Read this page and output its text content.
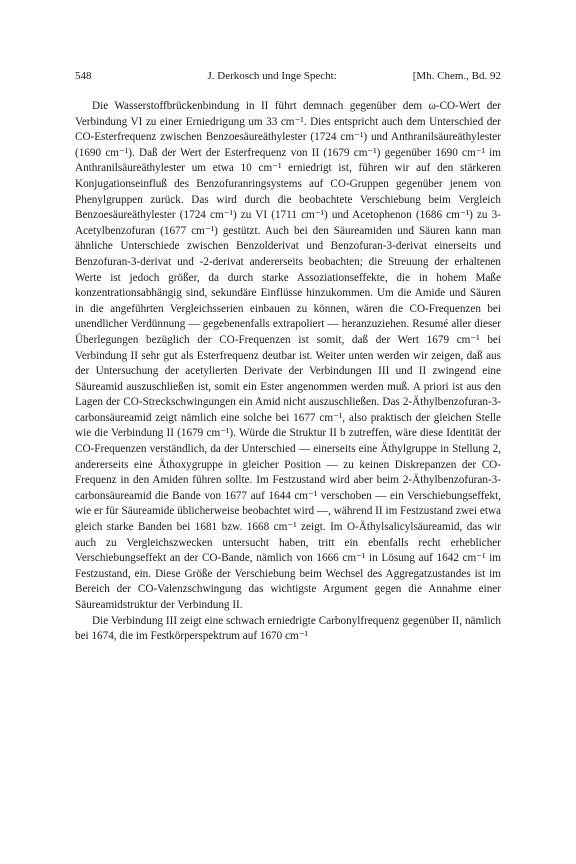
548	J. Derkosch und Inge Specht:	[Mh. Chem., Bd. 92

Die Wasserstoffbrückenbindung in II führt demnach gegenüber dem ω-CO-Wert der Verbindung VI zu einer Erniedrigung um 33 cm⁻¹. Dies entspricht auch dem Unterschied der CO-Esterfrequenz zwischen Benzoesäureäthylester (1724 cm⁻¹) und Anthranilsäureäthylester (1690 cm⁻¹). Daß der Wert der Esterfrequenz von II (1679 cm⁻¹) gegenüber 1690 cm⁻¹ im Anthranilsäureäthylester um etwa 10 cm⁻¹ erniedrigt ist, führen wir auf den stärkeren Konjugationseinfluß des Benzofuranringsystems auf CO-Gruppen gegenüber jenem von Phenylgruppen zurück. Das wird durch die beobachtete Verschiebung beim Vergleich Benzoesäureäthylester (1724 cm⁻¹) zu VI (1711 cm⁻¹) und Acetophenon (1686 cm⁻¹) zu 3-Acetylbenzofuran (1677 cm⁻¹) gestützt. Auch bei den Säureamiden und Säuren kann man ähnliche Unterschiede zwischen Benzolderivat und Benzofuran-3-derivat einerseits und Benzofuran-3-derivat und -2-derivat andererseits beobachten; die Streuung der erhaltenen Werte ist jedoch größer, da durch starke Assoziationseffekte, die in hohem Maße konzentrationsabhängig sind, sekundäre Einflüsse hinzukommen. Um die Amide und Säuren in die angeführten Vergleichsserien einbauen zu können, wären die CO-Frequenzen bei unendlicher Verdünnung — gegebenenfalls extrapoliert — heranzuziehen. Resumé aller dieser Überlegungen bezüglich der CO-Frequenzen ist somit, daß der Wert 1679 cm⁻¹ bei Verbindung II sehr gut als Esterfrequenz deutbar ist. Weiter unten werden wir zeigen, daß aus der Untersuchung der acetylierten Derivate der Verbindungen III und II zwingend eine Säureamid auszuschließen ist, somit ein Ester angenommen werden muß. A priori ist aus den Lagen der CO-Streckschwingungen ein Amid nicht auszuschließen. Das 2-Äthylbenzofuran-3-carbonsäureamid zeigt nämlich eine solche bei 1677 cm⁻¹, also praktisch der gleichen Stelle wie die Verbindung II (1679 cm⁻¹). Würde die Struktur II b zutreffen, wäre diese Identität der CO-Frequenzen verständlich, da der Unterschied — einerseits eine Äthylgruppe in Stellung 2, andererseits eine Äthoxygruppe in gleicher Position — zu keinen Diskrepanzen der CO-Frequenz in den Amiden führen sollte. Im Festzustand wird aber beim 2-Äthylbenzofuran-3-carbonsäureamid die Bande von 1677 auf 1644 cm⁻¹ verschoben — ein Verschiebungseffekt, wie er für Säureamide üblicherweise beobachtet wird —, während II im Festzustand zwei etwa gleich starke Banden bei 1681 bzw. 1668 cm⁻¹ zeigt. Im O-Äthylsalicylsäureamid, das wir auch zu Vergleichszwecken untersucht haben, tritt ein ebenfalls recht erheblicher Verschiebungseffekt an der CO-Bande, nämlich von 1666 cm⁻¹ in Lösung auf 1642 cm⁻¹ im Festzustand, ein. Diese Größe der Verschiebung beim Wechsel des Aggregatzustandes ist im Bereich der CO-Valenzschwingung das wichtigste Argument gegen die Annahme einer Säureamidstruktur der Verbindung II.

Die Verbindung III zeigt eine schwach erniedrigte Carbonylfrequenz gegenüber II, nämlich bei 1674, die im Festkörperspektrum auf 1670 cm⁻¹
